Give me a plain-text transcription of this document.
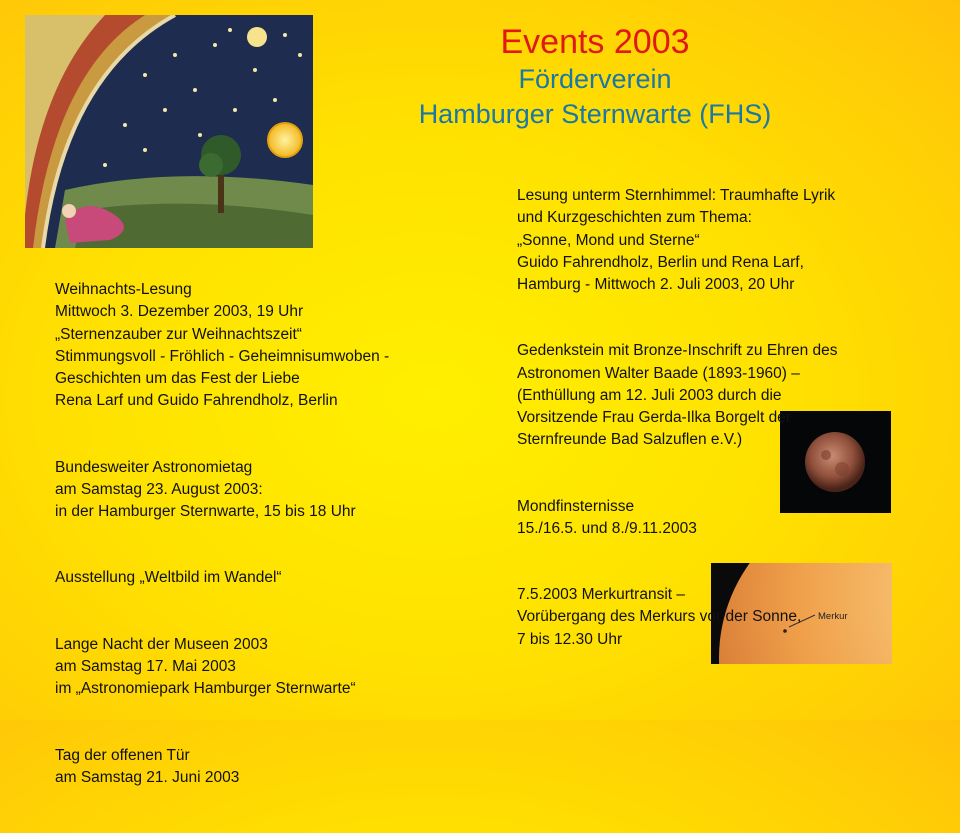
Events 2003
Förderverein
Hamburger Sternwarte (FHS)
Merkur

Weihnachts-Lesung
Mittwoch 3. Dezember 2003, 19 Uhr
„Sternenzauber zur Weihnachtszeit“
Stimmungsvoll - Fröhlich - Geheimnisumwoben -
Geschichten um das Fest der Liebe
Rena Larf und Guido Fahrendholz, Berlin

Bundesweiter Astronomietag
am Samstag 23. August 2003:
in der Hamburger Sternwarte, 15 bis 18 Uhr

Ausstellung „Weltbild im Wandel“

Lange Nacht der Museen 2003
am Samstag 17. Mai 2003
im „Astronomiepark Hamburger Sternwarte“

Tag der offenen Tür
am Samstag 21. Juni 2003

Lesung unterm Sternhimmel: Traumhafte Lyrik
und Kurzgeschichten zum Thema:
„Sonne, Mond und Sterne“
Guido Fahrendholz, Berlin und Rena Larf,
Hamburg - Mittwoch 2. Juli 2003, 20 Uhr

Gedenkstein mit Bronze-Inschrift zu Ehren des
Astronomen Walter Baade (1893-1960) –
(Enthüllung am 12. Juli 2003 durch die
Vorsitzende Frau Gerda-Ilka Borgelt der
Sternfreunde Bad Salzuflen e.V.)

Mondfinsternisse
15./16.5. und 8./9.11.2003

7.5.2003 Merkurtransit –
Vorübergang des Merkurs vor der Sonne,
7 bis 12.30 Uhr
